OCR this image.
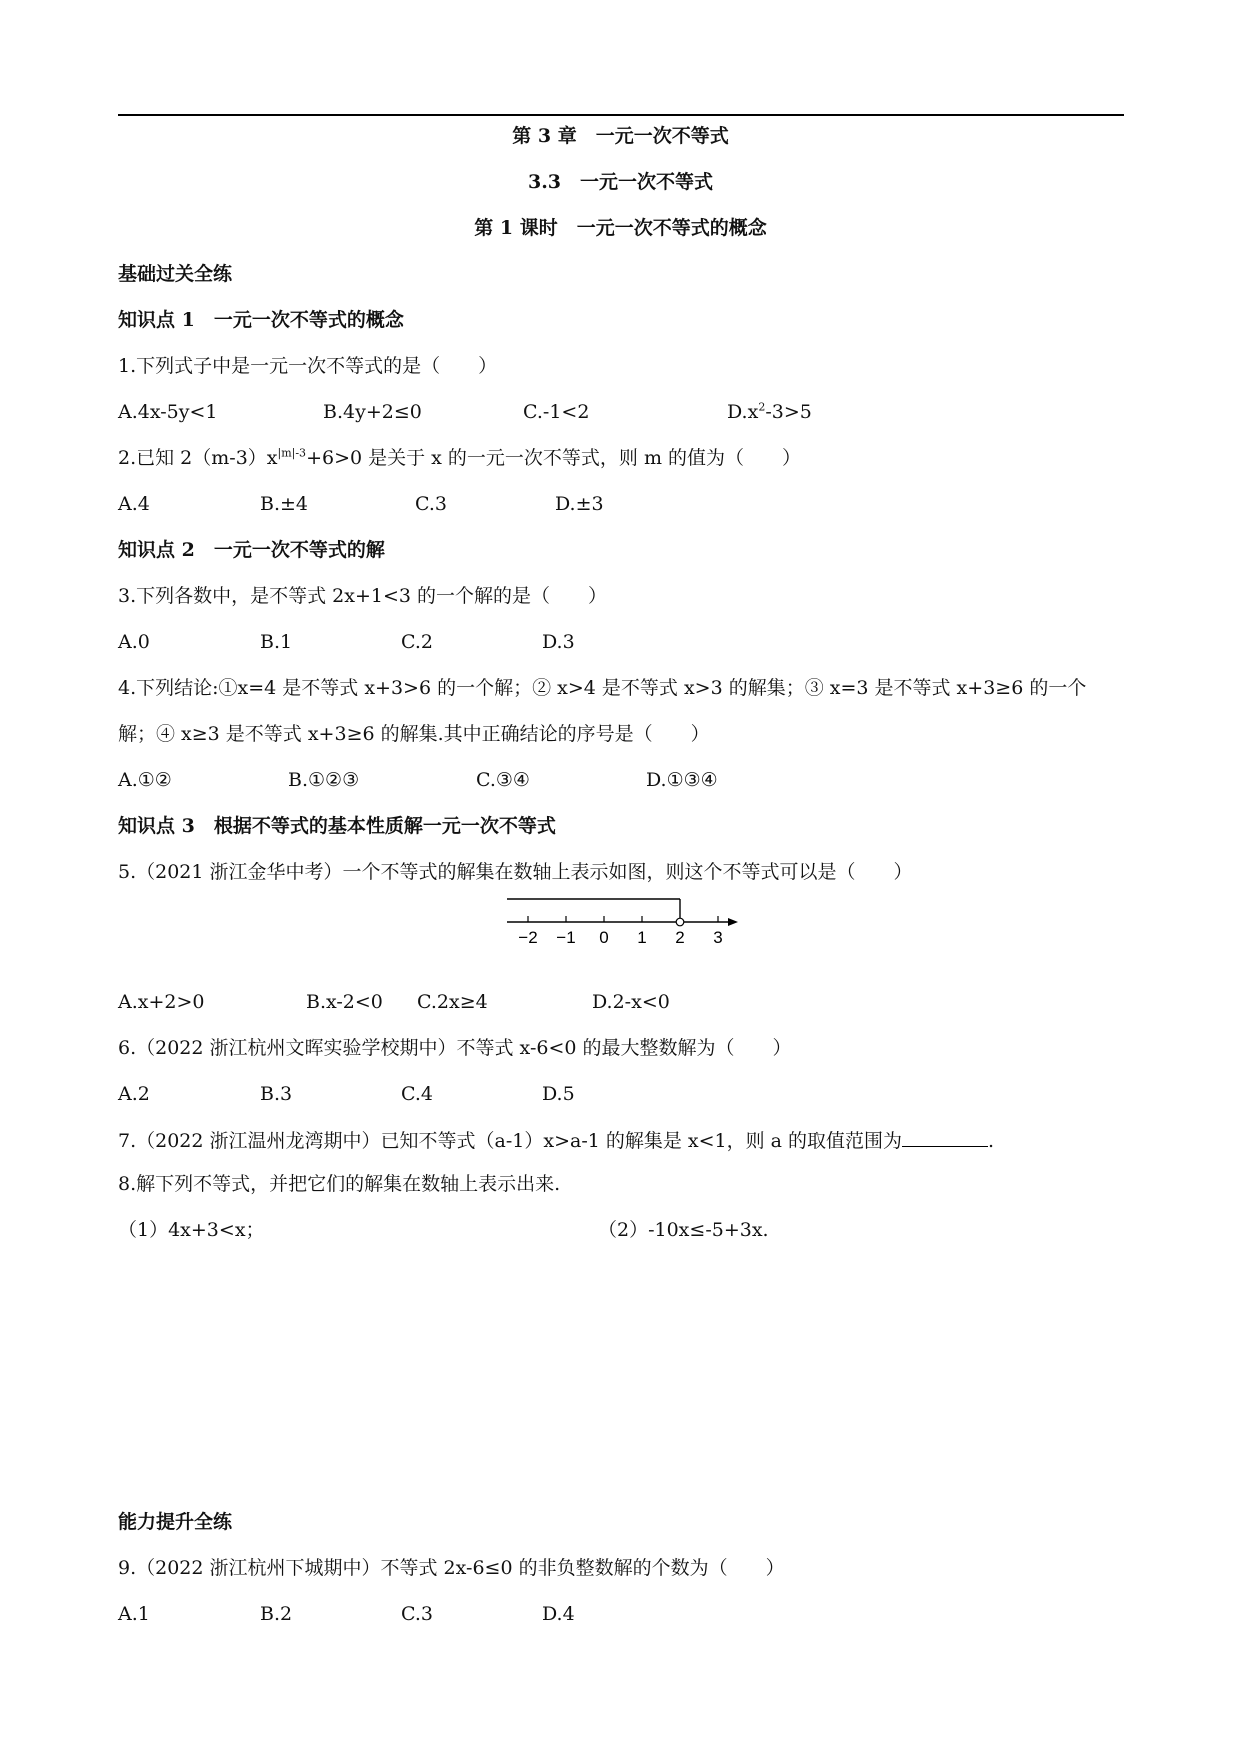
第 3 章　一元一次不等式
3.3　一元一次不等式
第 1 课时　一元一次不等式的概念
基础过关全练
知识点 1　一元一次不等式的概念
1.下列式子中是一元一次不等式的是（　　）
A.4x-5y<1	B.4y+2≤0	C.-1<2	$D.x^2-3>5$
2.已知 $2(m-3)x^{|m|-3}+6>0$ 是关于 x 的一元一次不等式，则 m 的值为（　　）
A.4	B.±4	C.3	D.±3
知识点 2　一元一次不等式的解
3.下列各数中，是不等式 2x+1<3 的一个解的是（　　）
A.0	B.1	C.2	D.3
4.下列结论:①x=4 是不等式 x+3>6 的一个解；② x>4 是不等式 x>3 的解集；③ x=3 是不等式 x+3≥6 的一个
解；④ x≥3 是不等式 x+3≥6 的解集.其中正确结论的序号是（　　）
A.①②	B.①②③	C.③④	D.①③④
知识点 3　根据不等式的基本性质解一元一次不等式
5.（2021 浙江金华中考）一个不等式的解集在数轴上表示如图，则这个不等式可以是（　　）
−2 −1 0 1 2 3
A.x+2>0	B.x-2<0 C.2x≥4	D.2-x<0
6.（2022 浙江杭州文晖实验学校期中）不等式 x-6<0 的最大整数解为（　　）
A.2	B.3	C.4	D.5
7.（2022 浙江温州龙湾期中）已知不等式（a-1）x>a-1 的解集是 x<1，则 a 的取值范围为	.
8.解下列不等式，并把它们的解集在数轴上表示出来.
（1）4x+3<x；	（2）-10x≤-5+3x.
能力提升全练
9.（2022 浙江杭州下城期中）不等式 2x-6≤0 的非负整数解的个数为（　　）
A.1	B.2	C.3	D.4
